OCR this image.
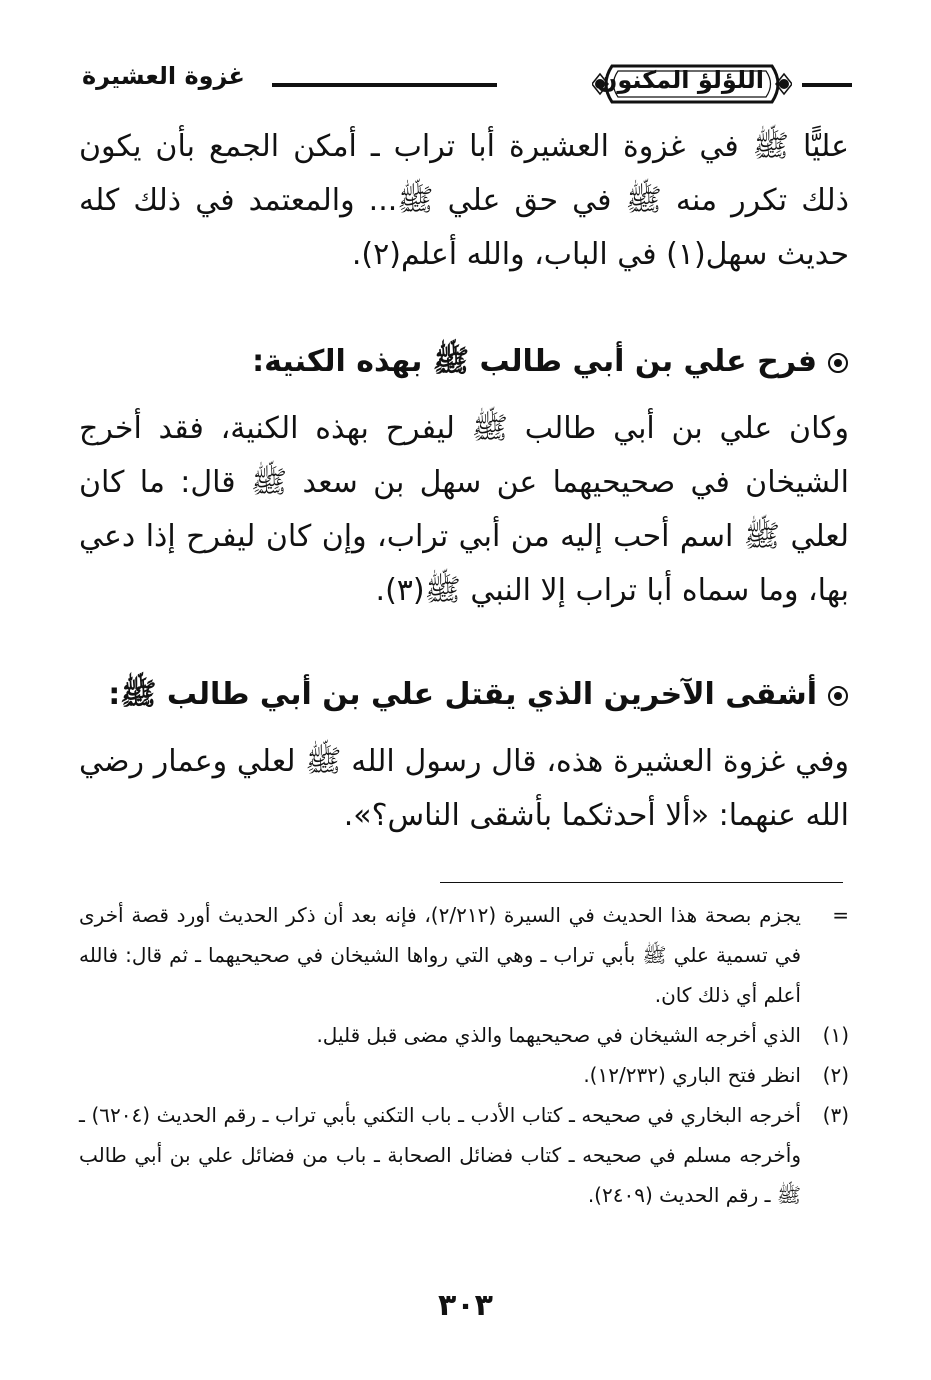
اللؤلؤ المكنون
غزوة العشيرة
عليًّا ﷺ في غزوة العشيرة أبا تراب ـ أمكن الجمع بأن يكون ذلك تكرر منه ﷺ في حق علي ﷺ... والمعتمد في ذلك كله حديث سهل(١) في الباب، والله أعلم(٢).
فرح علي بن أبي طالب ﷺ بهذه الكنية:
وكان علي بن أبي طالب ﷺ ليفرح بهذه الكنية، فقد أخرج الشيخان في صحيحيهما عن سهل بن سعد ﷺ قال: ما كان لعلي ﷺ اسم أحب إليه من أبي تراب، وإن كان ليفرح إذا دعي بها، وما سماه أبا تراب إلا النبي ﷺ(٣).
أشقى الآخرين الذي يقتل علي بن أبي طالب ﷺ:
وفي غزوة العشيرة هذه، قال رسول الله ﷺ لعلي وعمار رضي الله عنهما: «ألا أحدثكما بأشقى الناس؟».
=
يجزم بصحة هذا الحديث في السيرة (٢/٢١٢)، فإنه بعد أن ذكر الحديث أورد قصة أخرى في تسمية علي ﷺ بأبي تراب ـ وهي التي رواها الشيخان في صحيحيهما ـ ثم قال: فالله أعلم أي ذلك كان.
(١)
الذي أخرجه الشيخان في صحيحيهما والذي مضى قبل قليل.
(٢)
انظر فتح الباري (١٢/٢٣٢).
(٣)
أخرجه البخاري في صحيحه ـ كتاب الأدب ـ باب التكني بأبي تراب ـ رقم الحديث (٦٢٠٤) ـ وأخرجه مسلم في صحيحه ـ كتاب فضائل الصحابة ـ باب من فضائل علي بن أبي طالب ﷺ ـ رقم الحديث (٢٤٠٩).
٣٠٣
